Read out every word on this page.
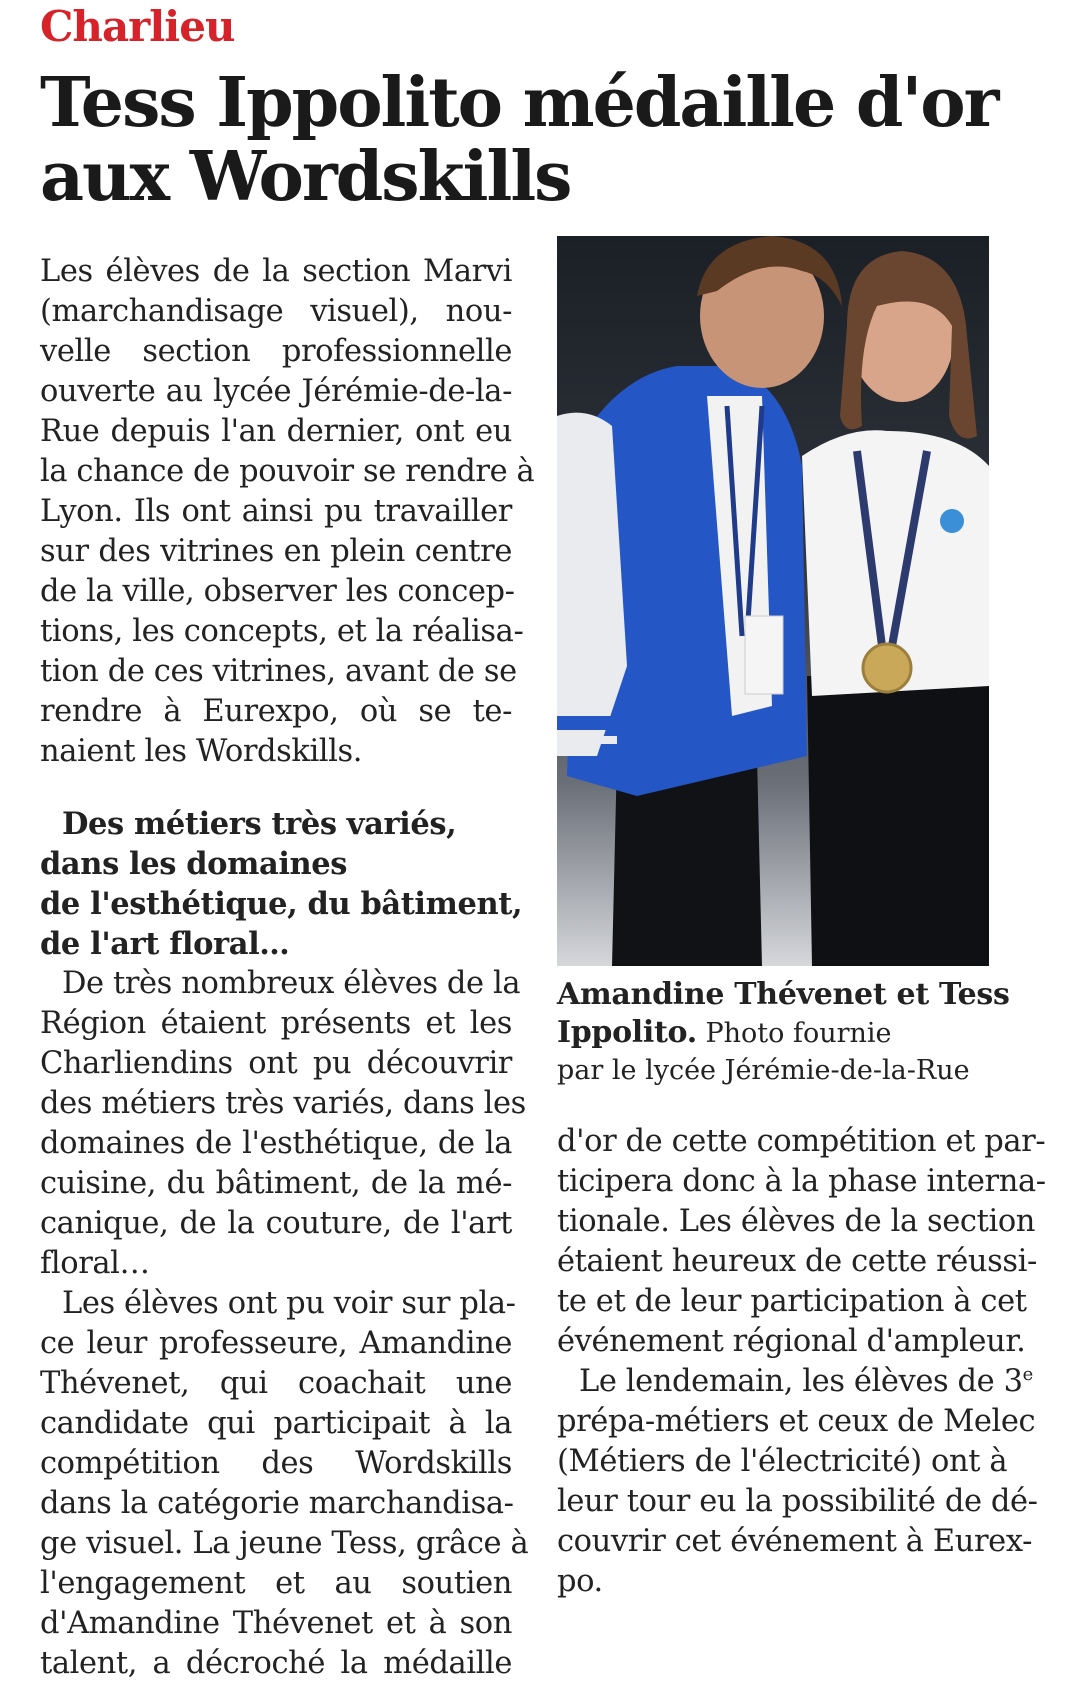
Charlieu
Tess Ippolito médaille d'or
aux Wordskills
Les élèves de la section Marvi
(marchandisage visuel), nou-
velle section professionnelle
ouverte au lycée Jérémie-de-la-
Rue depuis l'an dernier, ont eu
la chance de pouvoir se rendre à
Lyon. Ils ont ainsi pu travailler
sur des vitrines en plein centre
de la ville, observer les concep-
tions, les concepts, et la réalisa-
tion de ces vitrines, avant de se
rendre à Eurexpo, où se te-
naient les Wordskills.
Des métiers très variés,
dans les domaines
de l'esthétique, du bâtiment,
de l'art floral…
De très nombreux élèves de la
Région étaient présents et les
Charliendins ont pu découvrir
des métiers très variés, dans les
domaines de l'esthétique, de la
cuisine, du bâtiment, de la mé-
canique, de la couture, de l'art
floral…
Les élèves ont pu voir sur pla-
ce leur professeure, Amandine
Thévenet, qui coachait une
candidate qui participait à la
compétition des Wordskills
dans la catégorie marchandisa-
ge visuel. La jeune Tess, grâce à
l'engagement et au soutien
d'Amandine Thévenet et à son
talent, a décroché la médaille
Amandine Thévenet et Tess
Ippolito. Photo fournie
par le lycée Jérémie-de-la-Rue
d'or de cette compétition et par-
ticipera donc à la phase interna-
tionale. Les élèves de la section
étaient heureux de cette réussi-
te et de leur participation à cet
événement régional d'ampleur.
Le lendemain, les élèves de 3e
prépa-métiers et ceux de Melec
(Métiers de l'électricité) ont à
leur tour eu la possibilité de dé-
couvrir cet événement à Eurex-
po.
